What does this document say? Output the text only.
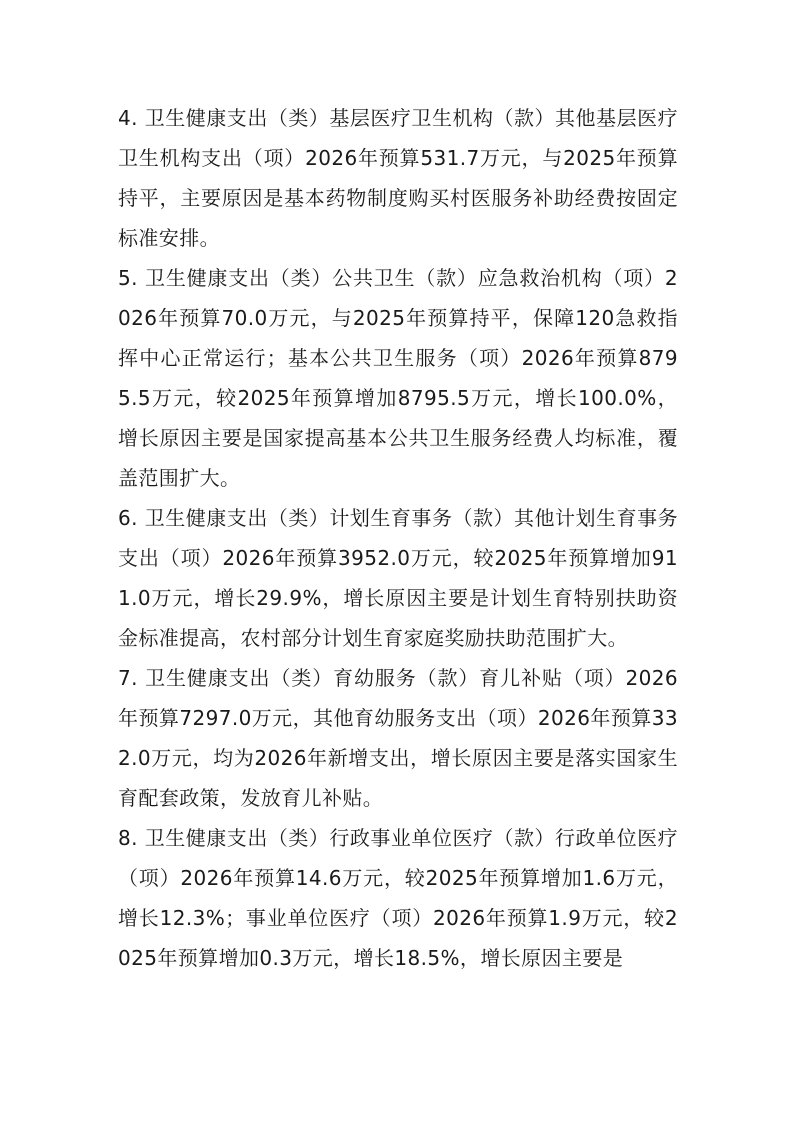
4. 卫生健康支出（类）基层医疗卫生机构（款）其他基层医疗卫生机构支出（项）2026年预算531.7万元，与2025年预算持平，主要原因是基本药物制度购买村医服务补助经费按固定标准安排。

5. 卫生健康支出（类）公共卫生（款）应急救治机构（项）2026年预算70.0万元，与2025年预算持平，保障120急救指挥中心正常运行；基本公共卫生服务（项）2026年预算8795.5万元，较2025年预算增加8795.5万元，增长100.0%，增长原因主要是国家提高基本公共卫生服务经费人均标准，覆盖范围扩大。

6. 卫生健康支出（类）计划生育事务（款）其他计划生育事务支出（项）2026年预算3952.0万元，较2025年预算增加911.0万元，增长29.9%，增长原因主要是计划生育特别扶助资金标准提高，农村部分计划生育家庭奖励扶助范围扩大。

7. 卫生健康支出（类）育幼服务（款）育儿补贴（项）2026年预算7297.0万元，其他育幼服务支出（项）2026年预算332.0万元，均为2026年新增支出，增长原因主要是落实国家生育配套政策，发放育儿补贴。

8. 卫生健康支出（类）行政事业单位医疗（款）行政单位医疗（项）2026年预算14.6万元，较2025年预算增加1.6万元，增长12.3%；事业单位医疗（项）2026年预算1.9万元，较2025年预算增加0.3万元，增长18.5%，增长原因主要是
